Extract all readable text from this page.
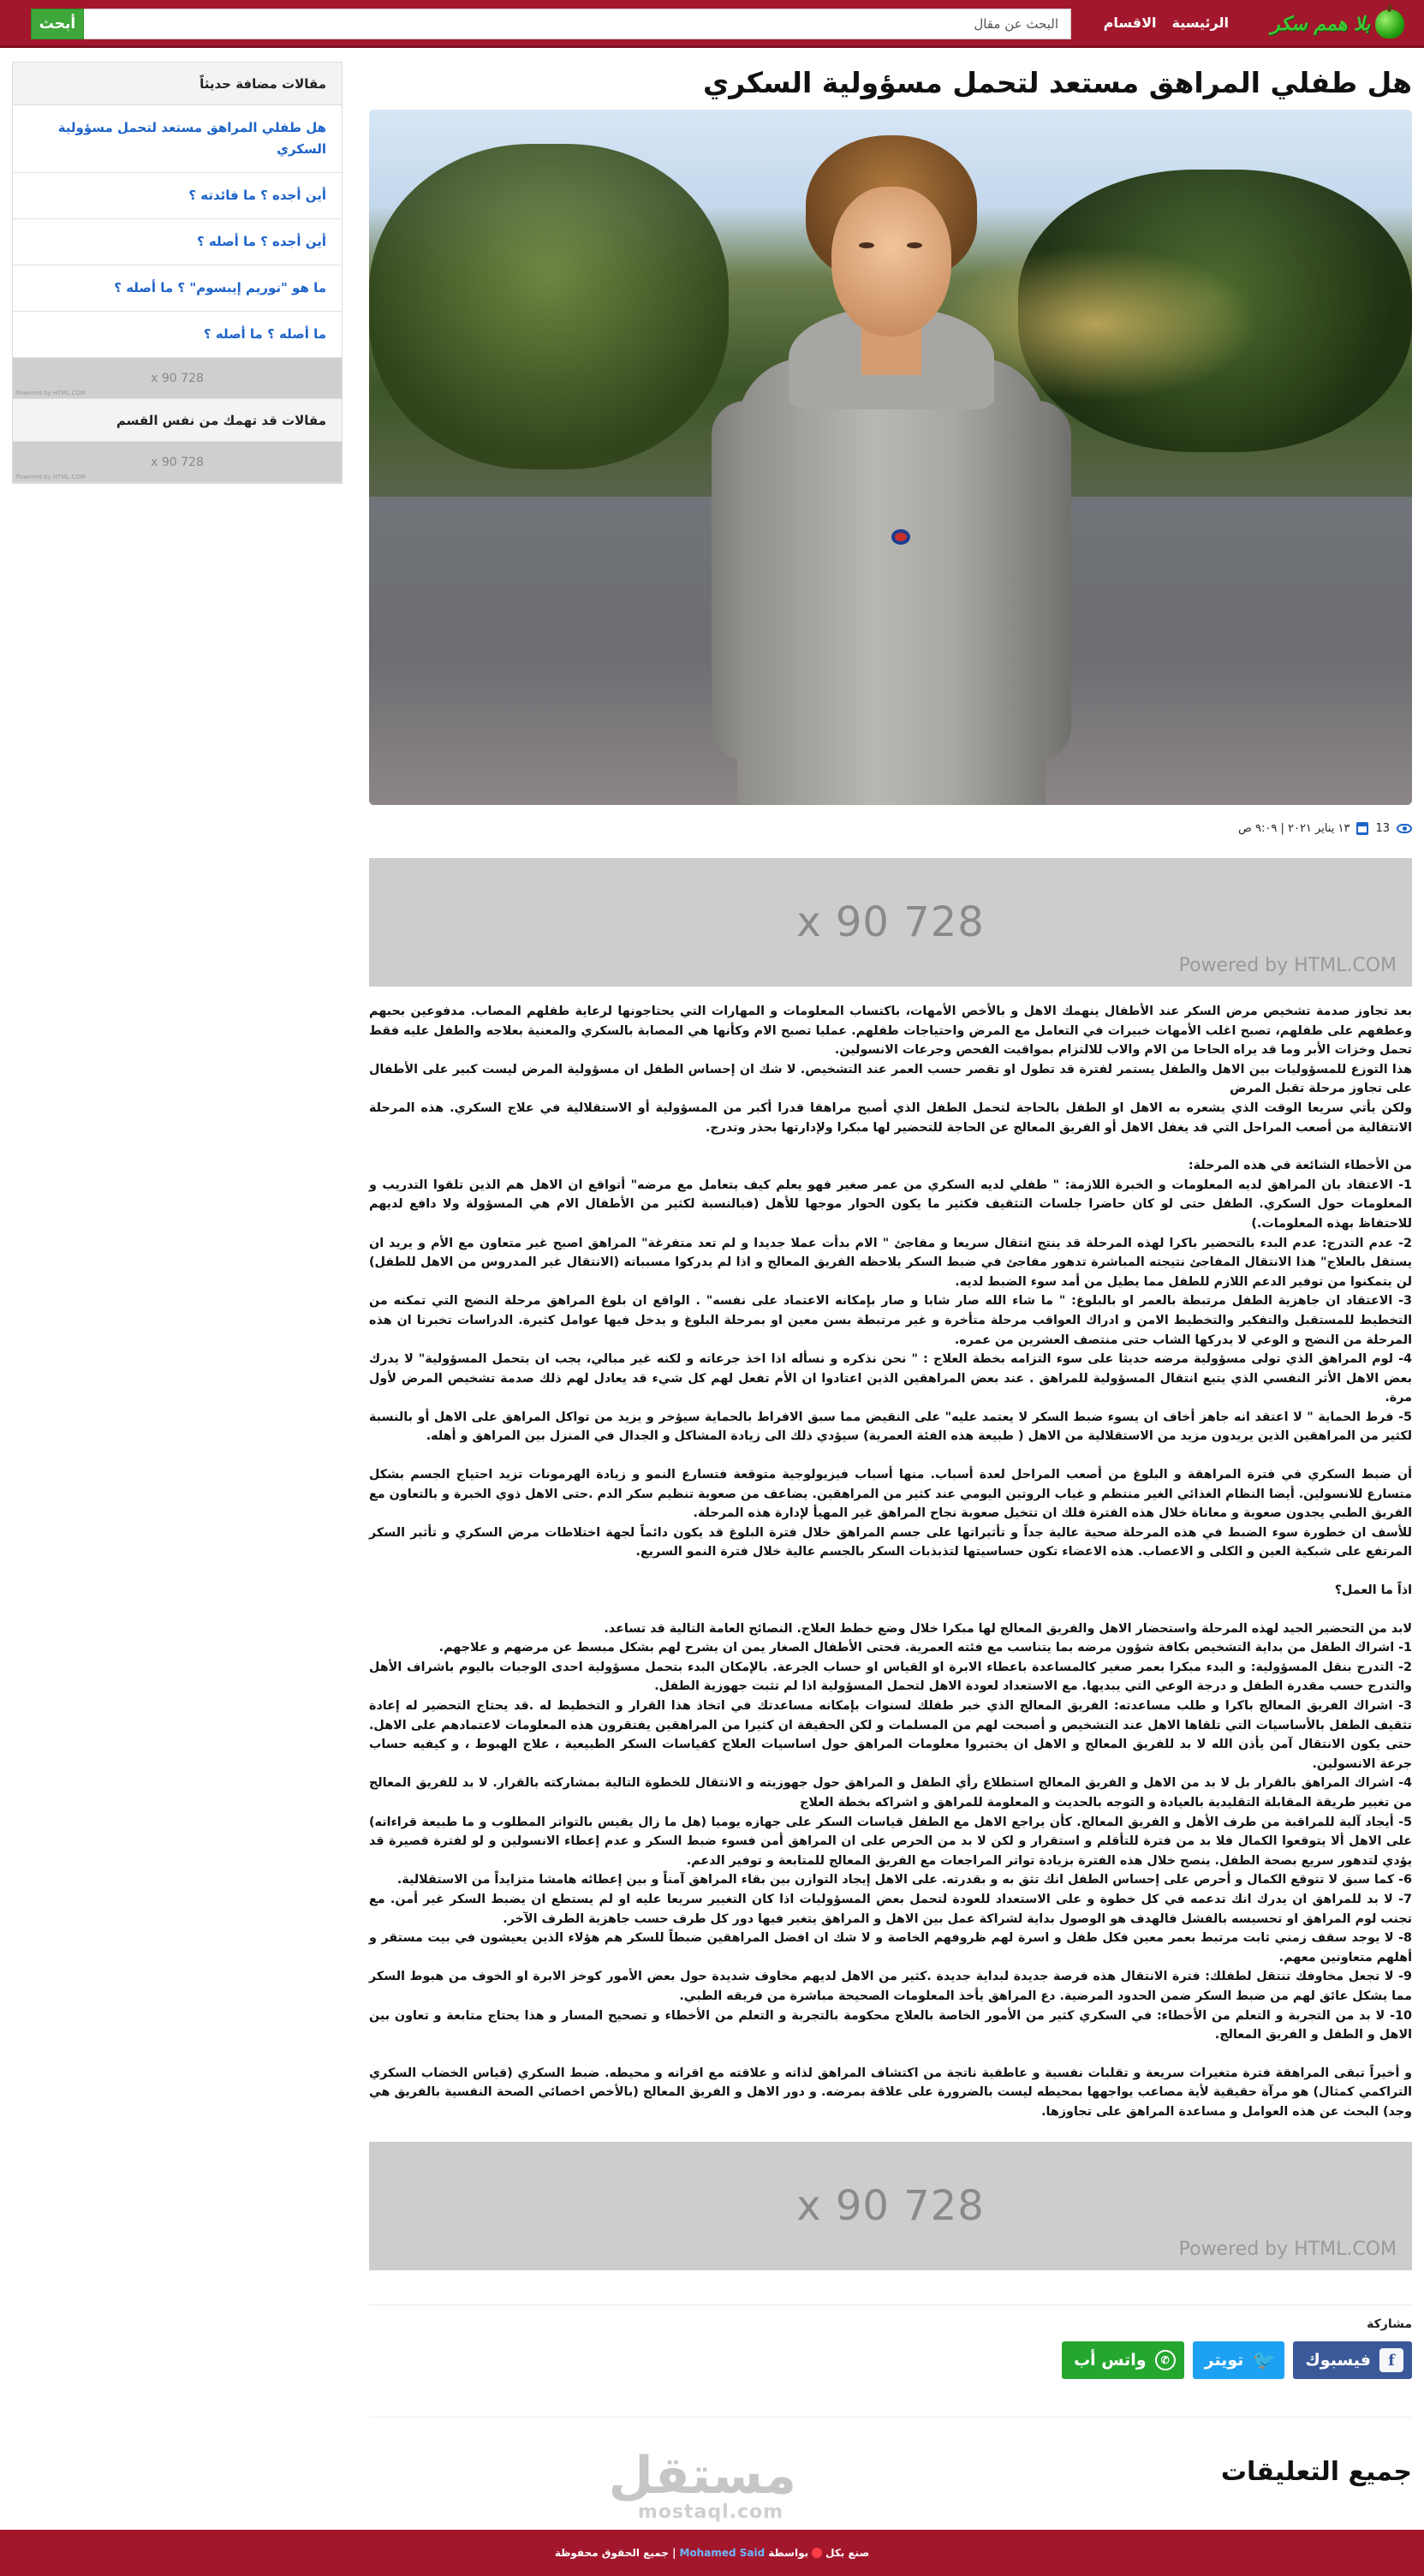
بلا همم سكر
الرئيسية
الاقسام
البحث عن مقال
أبحث
مقالات مضافة حديثاً
هل طفلي المراهق مستعد لتحمل مسؤولية السكري
أين أجده ؟ ما فائدته ؟
أين أجده ؟ ما أصله ؟
ما هو "نوريم إيبسوم" ؟ ما أصله ؟
ما أصله ؟ ما أصله ؟
728 x 90
Powered by HTML.COM
مقالات قد تهمك من نفس القسم
728 x 90
Powered by HTML.COM
هل طفلي المراهق مستعد لتحمل مسؤولية السكري
13
١٣ يناير ٢٠٢١ | ٩:٠٩ ص
728 x 90
Powered by HTML.COM

بعد تجاوز صدمة تشخيص مرض السكر عند الأطفال ينهمك الاهل و بالأخص الأمهات، باكتساب المعلومات و المهارات التي يحتاجونها لرعاية طفلهم المصاب. مدفوعين بحبهم وعطفهم على طفلهم، تصبح اغلب الأمهات خبيرات في التعامل مع المرض واحتياجات طفلهم. عمليا تصبح الام وكأنها هي المصابة بالسكري والمعنية بعلاجه والطفل عليه فقط تحمل وخزات الأبر وما قد يراه الحاحا من الام والاب للالتزام بمواقيت الفحص وجرعات الانسولين.

هذا التوزع للمسؤوليات بين الاهل والطفل يستمر لفترة قد تطول او تقصر حسب العمر عند التشخيص. لا شك ان إحساس الطفل ان مسؤولية المرض ليست كبير على الأطفال على تجاوز مرحلة تقبل المرض

ولكن يأتي سريعا الوقت الذي يشعره به الاهل او الطفل بالحاجة لتحمل الطفل الذي أصبح مراهقا قدرا أكبر من المسؤولية أو الاستقلالية في علاج السكري. هذه المرحلة الانتقالية من أصعب المراحل التي قد يغفل الاهل أو الفريق المعالج عن الحاجة للتحضير لها مبكرا ولإدارتها بحذر وتدرج.

من الأخطاء الشائعة في هذه المرحلة:

1- الاعتقاد بان المراهق لديه المعلومات و الخبرة اللازمة: " طفلي لديه السكري من عمر صغير فهو يعلم كيف يتعامل مع مرضه" أتواقع ان الاهل هم الذين تلقوا التدريب و المعلومات حول السكري. الطفل حتى لو كان حاضرا جلسات التثقيف فكثير ما يكون الحوار موجها للأهل (فبالنسبة لكثير من الأطفال الام هي المسؤولة ولا دافع لديهم للاحتفاظ بهذه المعلومات.)

2- عدم التدرج: عدم البدء بالتحضير باكرا لهذه المرحلة قد ينتج انتقال سريعا و مفاجئ " الام بدأت عملا جديدا و لم تعد متفرغة" المراهق اصبح غير متعاون مع الأم و يريد ان يستقل بالعلاج" هذا الانتقال المفاجئ نتيجته المباشرة تدهور مفاجئ في ضبط السكر يلاحظه الفريق المعالج و اذا لم يدركوا مسبباته (الانتقال غير المدروس من الاهل للطفل) لن يتمكنوا من توفير الدعم اللازم للطفل مما يطيل من أمد سوء الضبط لديه.

3- الاعتقاد ان جاهزية الطفل مرتبطة بالعمر او بالبلوغ: " ما شاء الله صار شابا و صار بإمكانه الاعتماد على نفسه" . الواقع ان بلوغ المراهق مرحلة النضج التي تمكنه من التخطيط للمستقبل والتفكير والتخطيط الامن و ادراك العواقب مرحلة متأخرة و غير مرتبطة بسن معين او بمرحلة البلوغ و يدخل فيها عوامل كثيرة. الدراسات تخبرنا ان هذه المرحلة من النضج و الوعي لا يدركها الشاب حتى منتصف العشرين من عمره.

4- لوم المراهق الذي تولى مسؤولية مرضه حديثا على سوء التزامه بخطة العلاج : " نحن نذكره و نسأله اذا اخذ جرعاته و لكنه غير مبالي، يجب ان يتحمل المسؤولية" لا يدرك بعض الاهل الأثر النفسي الذي يتبع انتقال المسؤولية للمراهق . عند بعض المراهقين الذين اعتادوا ان الأم تفعل لهم كل شيء قد يعادل لهم ذلك صدمة تشخيص المرض لأول مرة.

5- فرط الحماية " لا اعتقد انه جاهز أخاف ان يسوء ضبط السكر لا يعتمد عليه" على النقيض مما سبق الافراط بالحماية سيؤخر و يزيد من تواكل المراهق على الاهل أو بالنسبة لكثير من المراهقين الذين يريدون مزيد من الاستقلالية من الاهل ( طبيعة هذه الفئة العمرية) سيؤدي ذلك الى زيادة المشاكل و الجدال في المنزل بين المراهق و أهله.

أن ضبط السكري في فترة المراهقة و البلوغ من أصعب المراحل لعدة أسباب. منها أسباب فيزيولوجية متوقعة فتسارع النمو و زيادة الهرمونات تزيد احتياج الجسم بشكل متسارع للانسولين. أيضا النظام الغذائي الغير منتظم و غياب الروتين اليومي عند كثير من المراهقين. يضاعف من صعوبة تنظيم سكر الدم .حتى الاهل ذوي الخبرة و بالتعاون مع الفريق الطبي يجدون صعوبة و معاناة خلال هذه الفترة فلك ان تتخيل صعوبة نجاح المراهق غير المهيأ لإدارة هذه المرحلة.

للأسف ان خطورة سوء الضبط في هذه المرحلة صحية عالية جداً و تأثيراتها على جسم المراهق خلال فترة البلوغ قد يكون دائماً لجهة اختلاطات مرض السكري و تأثير السكر المرتفع على شبكية العين و الكلى و الاعصاب. هذه الاعضاء تكون حساسيتها لتذبذبات السكر بالجسم عالية خلال فترة النمو السريع.

اذاً ما العمل؟

لابد من التحضير الجيد لهذه المرحلة واستحضار الاهل والفريق المعالج لها مبكرا خلال وضع خطط العلاج. النصائح العامة التالية قد تساعد.

1- اشراك الطفل من بداية التشخيص بكافة شؤون مرضه بما يتناسب مع فئته العمرية. فحتى الأطفال الصغار يمن ان يشرح لهم بشكل مبسط عن مرضهم و علاجهم.

2- التدرج بنقل المسؤولية: و البدء مبكرا بعمر صغير كالمساعدة باعطاء الابرة او القياس او حساب الجرعة. بالإمكان البدء بتحمل مسؤولية احدى الوجبات باليوم باشراف الأهل والتدرج حسب مقدرة الطفل و درجة الوعي التي يبديها. مع الاستعداد لعودة الاهل لتحمل المسؤولية اذا لم تثبت جهوزية الطفل.

3- اشراك الفريق المعالج باكرا و طلب مساعدته: الفريق المعالج الذي خبر طفلك لسنوات بإمكانه مساعدتك في اتخاذ هذا القرار و التخطيط له .قد يحتاج التحضير له إعادة تثقيف الطفل بالأساسيات التي تلقاها الاهل عند التشخيص و أصبحت لهم من المسلمات و لكن الحقيقة ان كثيرا من المراهقين يفتقرون هذه المعلومات لاعتمادهم على الاهل. حتى يكون الانتقال آمن يأذن الله لا بد للفريق المعالج و الاهل ان يختبروا معلومات المراهق حول اساسيات العلاج كقياسات السكر الطبيعية ، علاج الهبوط ، و كيفيه حساب جرعة الانسولين.

4- اشراك المراهق بالقرار بل لا بد من الاهل و الفريق المعالج استطلاع رأي الطفل و المراهق حول جهوزيته و الانتقال للخطوة التالية بمشاركته بالقرار. لا بد للفريق المعالج من تغيير طريقة المقابلة التقليدية بالعيادة و التوجه بالحديث و المعلومة للمراهق و اشراكه بخطة العلاج

5- أيجاد آلية للمراقبة من طرف الأهل و الفريق المعالج. كأن يراجع الاهل مع الطفل قياسات السكر على جهازه يوميا (هل ما زال يقيس بالتواتر المطلوب و ما طبيعة قراءاته) على الاهل ألا يتوقعوا الكمال فلا بد من فترة للتأقلم و استقرار و لكن لا بد من الحرص على ان المراهق أمن فسوء ضبط السكر و عدم إعطاء الانسولين و لو لفترة قصيرة قد يؤدي لتدهور سريع بصحة الطفل. ينصح خلال هذه الفترة بزيادة تواتر المراجعات مع الفريق المعالج للمتابعة و توفير الدعم.

6- كما سبق لا تتوقع الكمال و أحرص على إحساس الطفل انك تثق به و بقدرته. على الاهل إيجاد التوازن بين بقاء المراهق آمناً و بين إعطائه هامشا متزايداً من الاستقلالية.

7- لا بد للمراهق ان يدرك انك تدعمه في كل خطوة و على الاستعداد للعودة لتحمل بعض المسؤوليات اذا كان التغيير سريعا عليه او لم يستطع ان يضبط السكر غير أمن. مع تجنب لوم المراهق او تحسيسه بالفشل فالهدف هو الوصول بداية لشراكة عمل بين الاهل و المراهق يتغير فيها دور كل طرف حسب جاهزية الطرف الآخر.

8- لا يوجد سقف زمني ثابت مرتبط بعمر معين فكل طفل و اسرة لهم ظروفهم الخاصة و لا شك ان افضل المراهقين ضبطاً للسكر هم هؤلاء الذين يعيشون في بيت مستقر و أهلهم متعاونين معهم.

9- لا تجعل مخاوفك تنتقل لطفلك: فترة الانتقال هذه فرصة جديدة لبداية جديدة .كثير من الاهل لديهم مخاوف شديدة حول بعض الأمور كوخز الابرة او الخوف من هبوط السكر مما يشكل عائق لهم من ضبط السكر ضمن الحدود المرضية. دع المراهق يأخذ المعلومات الصحيحة مباشرة من فريقه الطبي.

10- لا بد من التجربة و التعلم من الأخطاء: في السكري كثير من الأمور الخاصة بالعلاج محكومة بالتجربة و التعلم من الأخطاء و تصحيح المسار و هذا يحتاج متابعة و تعاون بين الاهل و الطفل و الفريق المعالج.

و أخيراً تبقى المراهقة فترة متغيرات سريعة و تقلبات نفسية و عاطفية ناتجة من اكتشاف المراهق لذاته و علاقته مع اقرانه و محيطه. ضبط السكري (قياس الخضاب السكري التراكمي كمثال) هو مرآة حقيقية لأية مصاعب يواجهها بمحيطه ليست بالضرورة على علاقة بمرضه. و دور الاهل و الفريق المعالج (بالأخص اخصائي الصحة النفسية بالفريق هي وجد) البحث عن هذه العوامل و مساعدة المراهق على تجاوزها.

728 x 90
Powered by HTML.COM
مشاركة
f
فيسبوك
🐦
تويتر
✆
واتس أب
جميع التعليقات
مستقل
mostaql.com
صنع بكل
بواسطة
Mohamed Said
| جميع الحقوق محفوظة
